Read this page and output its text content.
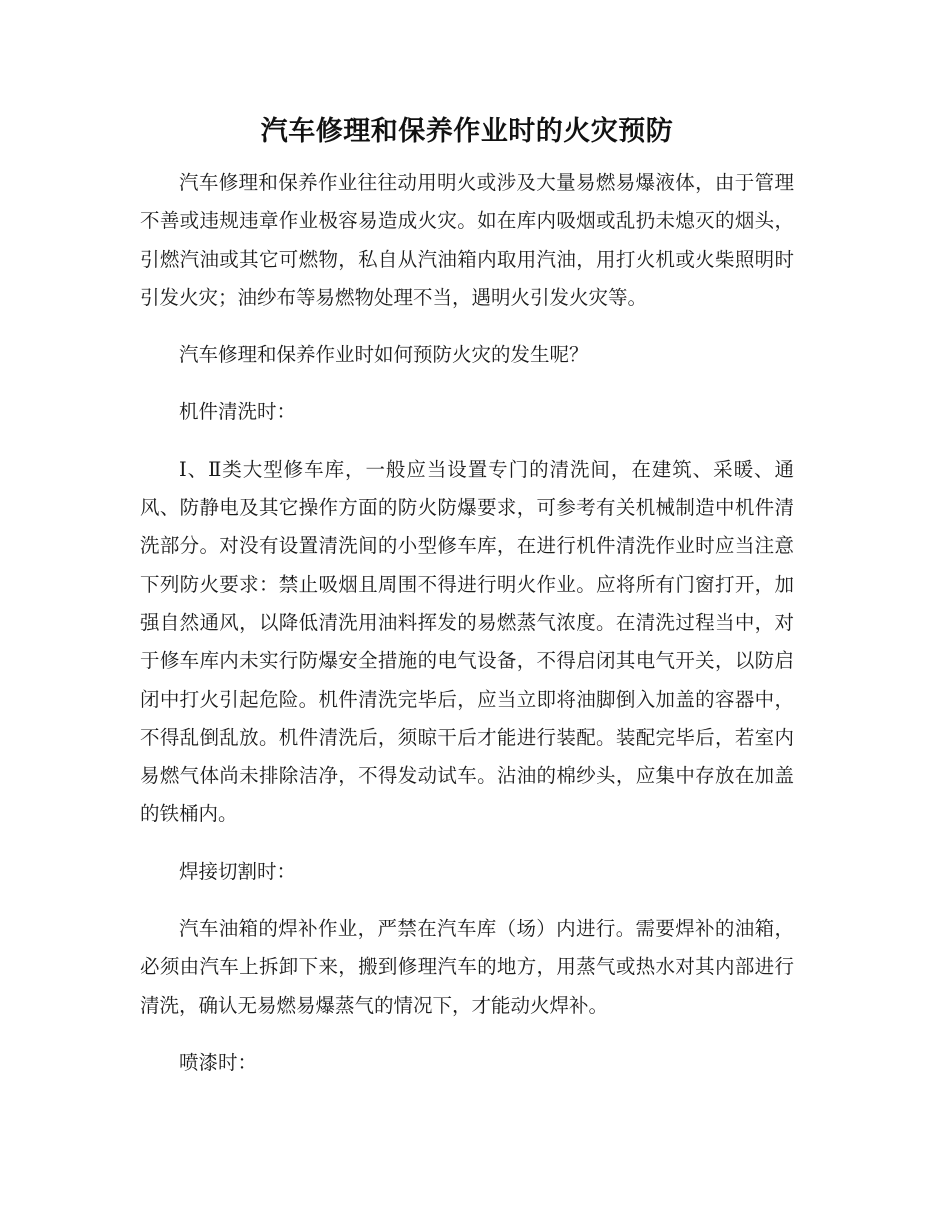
汽车修理和保养作业时的火灾预防

汽车修理和保养作业往往动用明火或涉及大量易燃易爆液体，由于管理不善或违规违章作业极容易造成火灾。如在库内吸烟或乱扔未熄灭的烟头，引燃汽油或其它可燃物，私自从汽油箱内取用汽油，用打火机或火柴照明时引发火灾；油纱布等易燃物处理不当，遇明火引发火灾等。

汽车修理和保养作业时如何预防火灾的发生呢？

机件清洗时：

Ⅰ、Ⅱ类大型修车库，一般应当设置专门的清洗间，在建筑、采暖、通风、防静电及其它操作方面的防火防爆要求，可参考有关机械制造中机件清洗部分。对没有设置清洗间的小型修车库，在进行机件清洗作业时应当注意下列防火要求：禁止吸烟且周围不得进行明火作业。应将所有门窗打开，加强自然通风，以降低清洗用油料挥发的易燃蒸气浓度。在清洗过程当中，对于修车库内未实行防爆安全措施的电气设备，不得启闭其电气开关，以防启闭中打火引起危险。机件清洗完毕后，应当立即将油脚倒入加盖的容器中，不得乱倒乱放。机件清洗后，须晾干后才能进行装配。装配完毕后，若室内易燃气体尚未排除洁净，不得发动试车。沾油的棉纱头，应集中存放在加盖的铁桶内。

焊接切割时：

汽车油箱的焊补作业，严禁在汽车库（场）内进行。需要焊补的油箱，必须由汽车上拆卸下来，搬到修理汽车的地方，用蒸气或热水对其内部进行清洗，确认无易燃易爆蒸气的情况下，才能动火焊补。

喷漆时：
